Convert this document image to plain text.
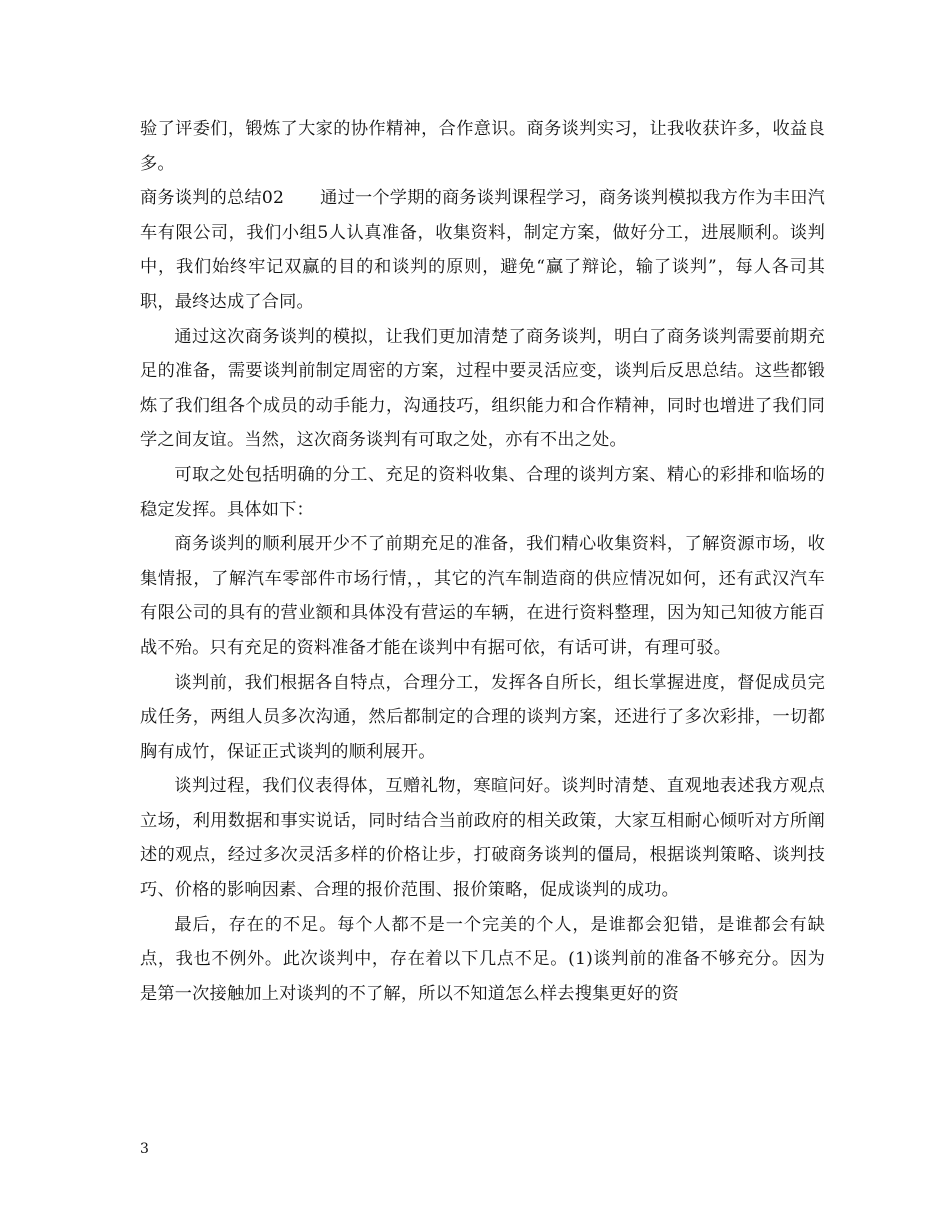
验了评委们，锻炼了大家的协作精神，合作意识。商务谈判实习，让我收获许多，收益良多。

商务谈判的总结02 通过一个学期的商务谈判课程学习，商务谈判模拟我方作为丰田汽车有限公司，我们小组5人认真准备，收集资料，制定方案，做好分工，进展顺利。谈判中，我们始终牢记双赢的目的和谈判的原则，避免“赢了辩论，输了谈判”，每人各司其职，最终达成了合同。

通过这次商务谈判的模拟，让我们更加清楚了商务谈判，明白了商务谈判需要前期充足的准备，需要谈判前制定周密的方案，过程中要灵活应变，谈判后反思总结。这些都锻炼了我们组各个成员的动手能力，沟通技巧，组织能力和合作精神，同时也增进了我们同学之间友谊。当然，这次商务谈判有可取之处，亦有不出之处。

可取之处包括明确的分工、充足的资料收集、合理的谈判方案、精心的彩排和临场的稳定发挥。具体如下：

商务谈判的顺利展开少不了前期充足的准备，我们精心收集资料，了解资源市场，收集情报，了解汽车零部件市场行情，，其它的汽车制造商的供应情况如何，还有武汉汽车有限公司的具有的营业额和具体没有营运的车辆，在进行资料整理，因为知己知彼方能百战不殆。只有充足的资料准备才能在谈判中有据可依，有话可讲，有理可驳。

谈判前，我们根据各自特点，合理分工，发挥各自所长，组长掌握进度，督促成员完成任务，两组人员多次沟通，然后都制定的合理的谈判方案，还进行了多次彩排，一切都胸有成竹，保证正式谈判的顺利展开。

谈判过程，我们仪表得体，互赠礼物，寒暄问好。谈判时清楚、直观地表述我方观点立场，利用数据和事实说话，同时结合当前政府的相关政策，大家互相耐心倾听对方所阐述的观点，经过多次灵活多样的价格让步，打破商务谈判的僵局，根据谈判策略、谈判技巧、价格的影响因素、合理的报价范围、报价策略，促成谈判的成功。

最后，存在的不足。每个人都不是一个完美的个人，是谁都会犯错，是谁都会有缺点，我也不例外。此次谈判中，存在着以下几点不足。(1)谈判前的准备不够充分。因为是第一次接触加上对谈判的不了解，所以不知道怎么样去搜集更好的资

3
